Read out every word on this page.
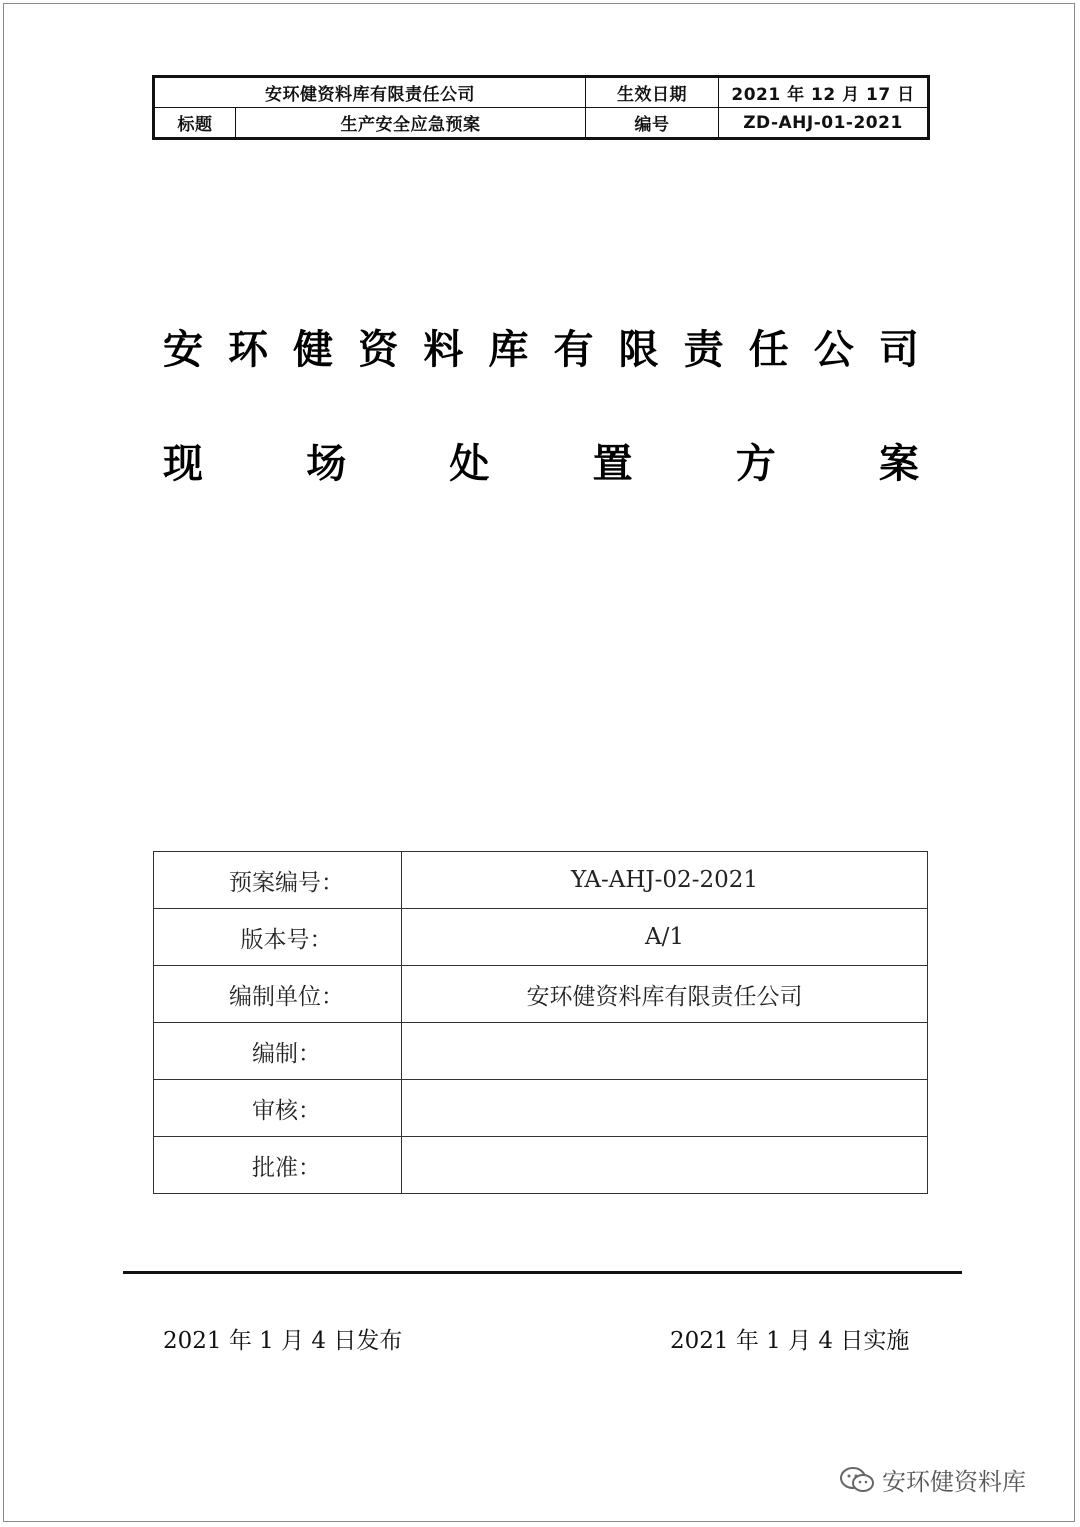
安环健资料库有限责任公司		生效日期	2021 年 12 月 17 日
标题	生产安全应急预案	编号	ZD-AHJ-01-2021
安 环 健 资 料 库 有 限 责 任 公 司
现	场	处	置	方	案
预案编号：	YA-AHJ-02-2021
版本号：	A/1
编制单位：	安环健资料库有限责任公司
编制：	
审核：	
批准：	
2021 年 1 月 4 日发布	2021 年 1 月 4 日实施
安环健资料库
